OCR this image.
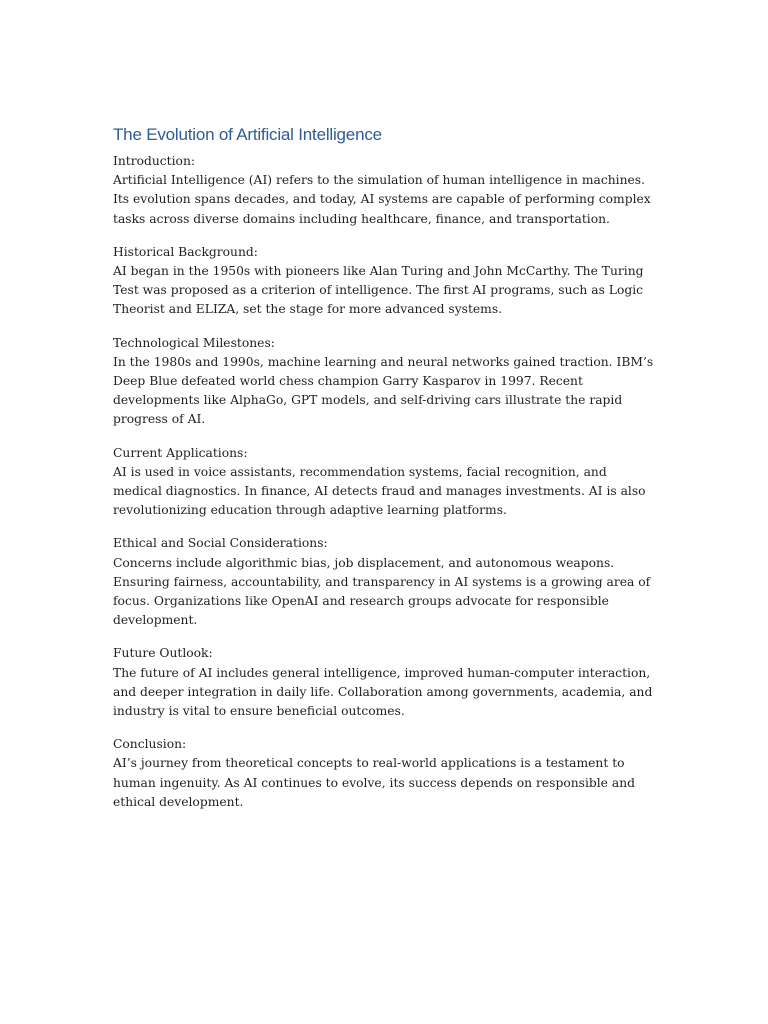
The Evolution of Artificial Intelligence

Introduction:

Artificial Intelligence (AI) refers to the simulation of human intelligence in machines. Its evolution spans decades, and today, AI systems are capable of performing complex tasks across diverse domains including healthcare, finance, and transportation.

Historical Background:

AI began in the 1950s with pioneers like Alan Turing and John McCarthy. The Turing Test was proposed as a criterion of intelligence. The first AI programs, such as Logic Theorist and ELIZA, set the stage for more advanced systems.

Technological Milestones:

In the 1980s and 1990s, machine learning and neural networks gained traction. IBM’s Deep Blue defeated world chess champion Garry Kasparov in 1997. Recent developments like AlphaGo, GPT models, and self-driving cars illustrate the rapid progress of AI.

Current Applications:

AI is used in voice assistants, recommendation systems, facial recognition, and medical diagnostics. In finance, AI detects fraud and manages investments. AI is also revolutionizing education through adaptive learning platforms.

Ethical and Social Considerations:

Concerns include algorithmic bias, job displacement, and autonomous weapons. Ensuring fairness, accountability, and transparency in AI systems is a growing area of focus. Organizations like OpenAI and research groups advocate for responsible development.

Future Outlook:

The future of AI includes general intelligence, improved human-computer interaction, and deeper integration in daily life. Collaboration among governments, academia, and industry is vital to ensure beneficial outcomes.

Conclusion:

AI’s journey from theoretical concepts to real-world applications is a testament to human ingenuity. As AI continues to evolve, its success depends on responsible and ethical development.
